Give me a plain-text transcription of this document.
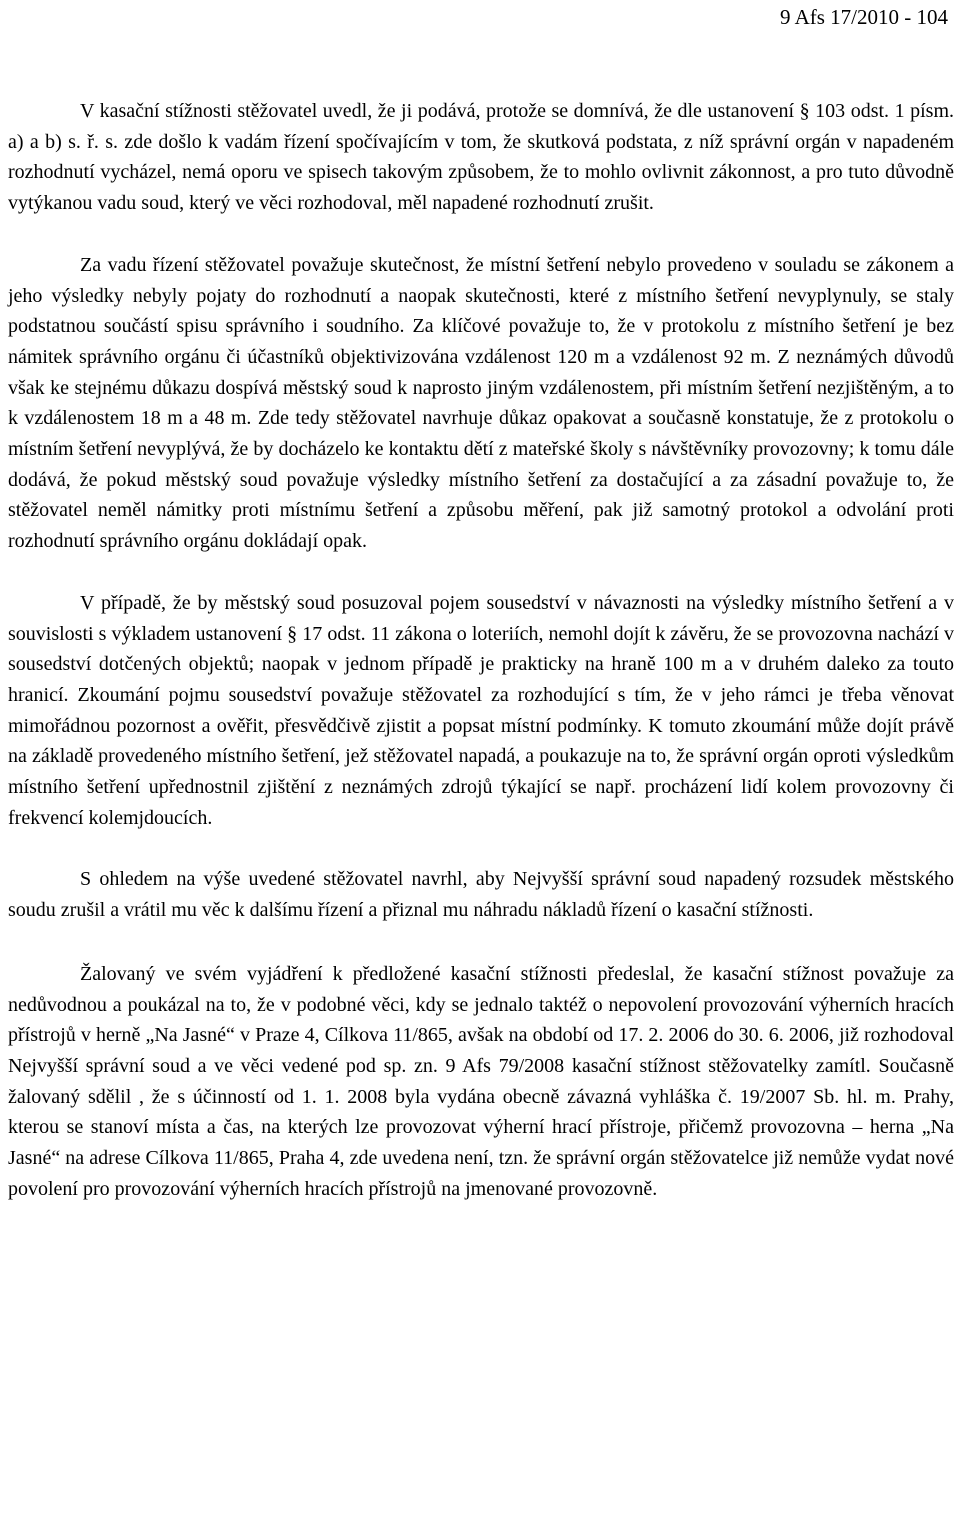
9 Afs 17/2010 - 104

V kasační stížnosti stěžovatel uvedl, že ji podává, protože se domnívá, že dle ustanovení § 103 odst. 1 písm. a) a b) s. ř. s. zde došlo k vadám řízení spočívajícím v tom, že skutková podstata, z níž správní orgán v napadeném rozhodnutí vycházel, nemá oporu ve spisech takovým způsobem, že to mohlo ovlivnit zákonnost, a pro tuto důvodně vytýkanou vadu soud, který ve věci rozhodoval, měl napadené rozhodnutí zrušit.

Za vadu řízení stěžovatel považuje skutečnost, že místní šetření nebylo provedeno v souladu se zákonem a jeho výsledky nebyly pojaty do rozhodnutí a naopak skutečnosti, které z místního šetření nevyplynuly, se staly podstatnou součástí spisu správního i soudního. Za klíčové považuje to, že v protokolu z místního šetření je bez námitek správního orgánu či účastníků objektivizována vzdálenost 120 m a vzdálenost 92 m. Z neznámých důvodů však ke stejnému důkazu dospívá městský soud k naprosto jiným vzdálenostem, při místním šetření nezjištěným, a to k vzdálenostem 18 m a 48 m. Zde tedy stěžovatel navrhuje důkaz opakovat a současně konstatuje, že z protokolu o místním šetření nevyplývá, že by docházelo ke kontaktu dětí z mateřské školy s návštěvníky provozovny; k tomu dále dodává, že pokud městský soud považuje výsledky místního šetření za dostačující a za zásadní považuje to, že stěžovatel neměl námitky proti místnímu šetření a způsobu měření, pak již samotný protokol a odvolání proti rozhodnutí správního orgánu dokládají opak.

V případě, že by městský soud posuzoval pojem sousedství v návaznosti na výsledky místního šetření a v souvislosti s výkladem ustanovení § 17 odst. 11 zákona o loteriích, nemohl dojít k závěru, že se provozovna nachází v sousedství dotčených objektů; naopak v jednom případě je prakticky na hraně 100 m a v druhém daleko za touto hranicí. Zkoumání pojmu sousedství považuje stěžovatel za rozhodující s tím, že v jeho rámci je třeba věnovat mimořádnou pozornost a ověřit, přesvědčivě zjistit a popsat místní podmínky. K tomuto zkoumání může dojít právě na základě provedeného místního šetření, jež stěžovatel napadá, a poukazuje na to, že správní orgán oproti výsledkům místního šetření upřednostnil zjištění z neznámých zdrojů týkající se např. procházení lidí kolem provozovny či frekvencí kolemjdoucích.

S ohledem na výše uvedené stěžovatel navrhl, aby Nejvyšší správní soud napadený rozsudek městského soudu zrušil a vrátil mu věc k dalšímu řízení a přiznal mu náhradu nákladů řízení o kasační stížnosti.

Žalovaný ve svém vyjádření k předložené kasační stížnosti předeslal, že kasační stížnost považuje za nedůvodnou a poukázal na to, že v podobné věci, kdy se jednalo taktéž o nepovolení provozování výherních hracích přístrojů v herně „Na Jasné“ v Praze 4, Cílkova 11/865, avšak na období od 17. 2. 2006 do 30. 6. 2006, již rozhodoval Nejvyšší správní soud a ve věci vedené pod sp. zn. 9 Afs 79/2008 kasační stížnost stěžovatelky zamítl. Současně žalovaný sdělil , že s účinností od 1. 1. 2008 byla vydána obecně závazná vyhláška č. 19/2007 Sb. hl. m. Prahy, kterou se stanoví místa a čas, na kterých lze provozovat výherní hrací přístroje, přičemž provozovna – herna „Na Jasné“ na adrese Cílkova 11/865, Praha 4, zde uvedena není, tzn. že správní orgán stěžovatelce již nemůže vydat nové povolení pro provozování výherních hracích přístrojů na jmenované provozovně.
